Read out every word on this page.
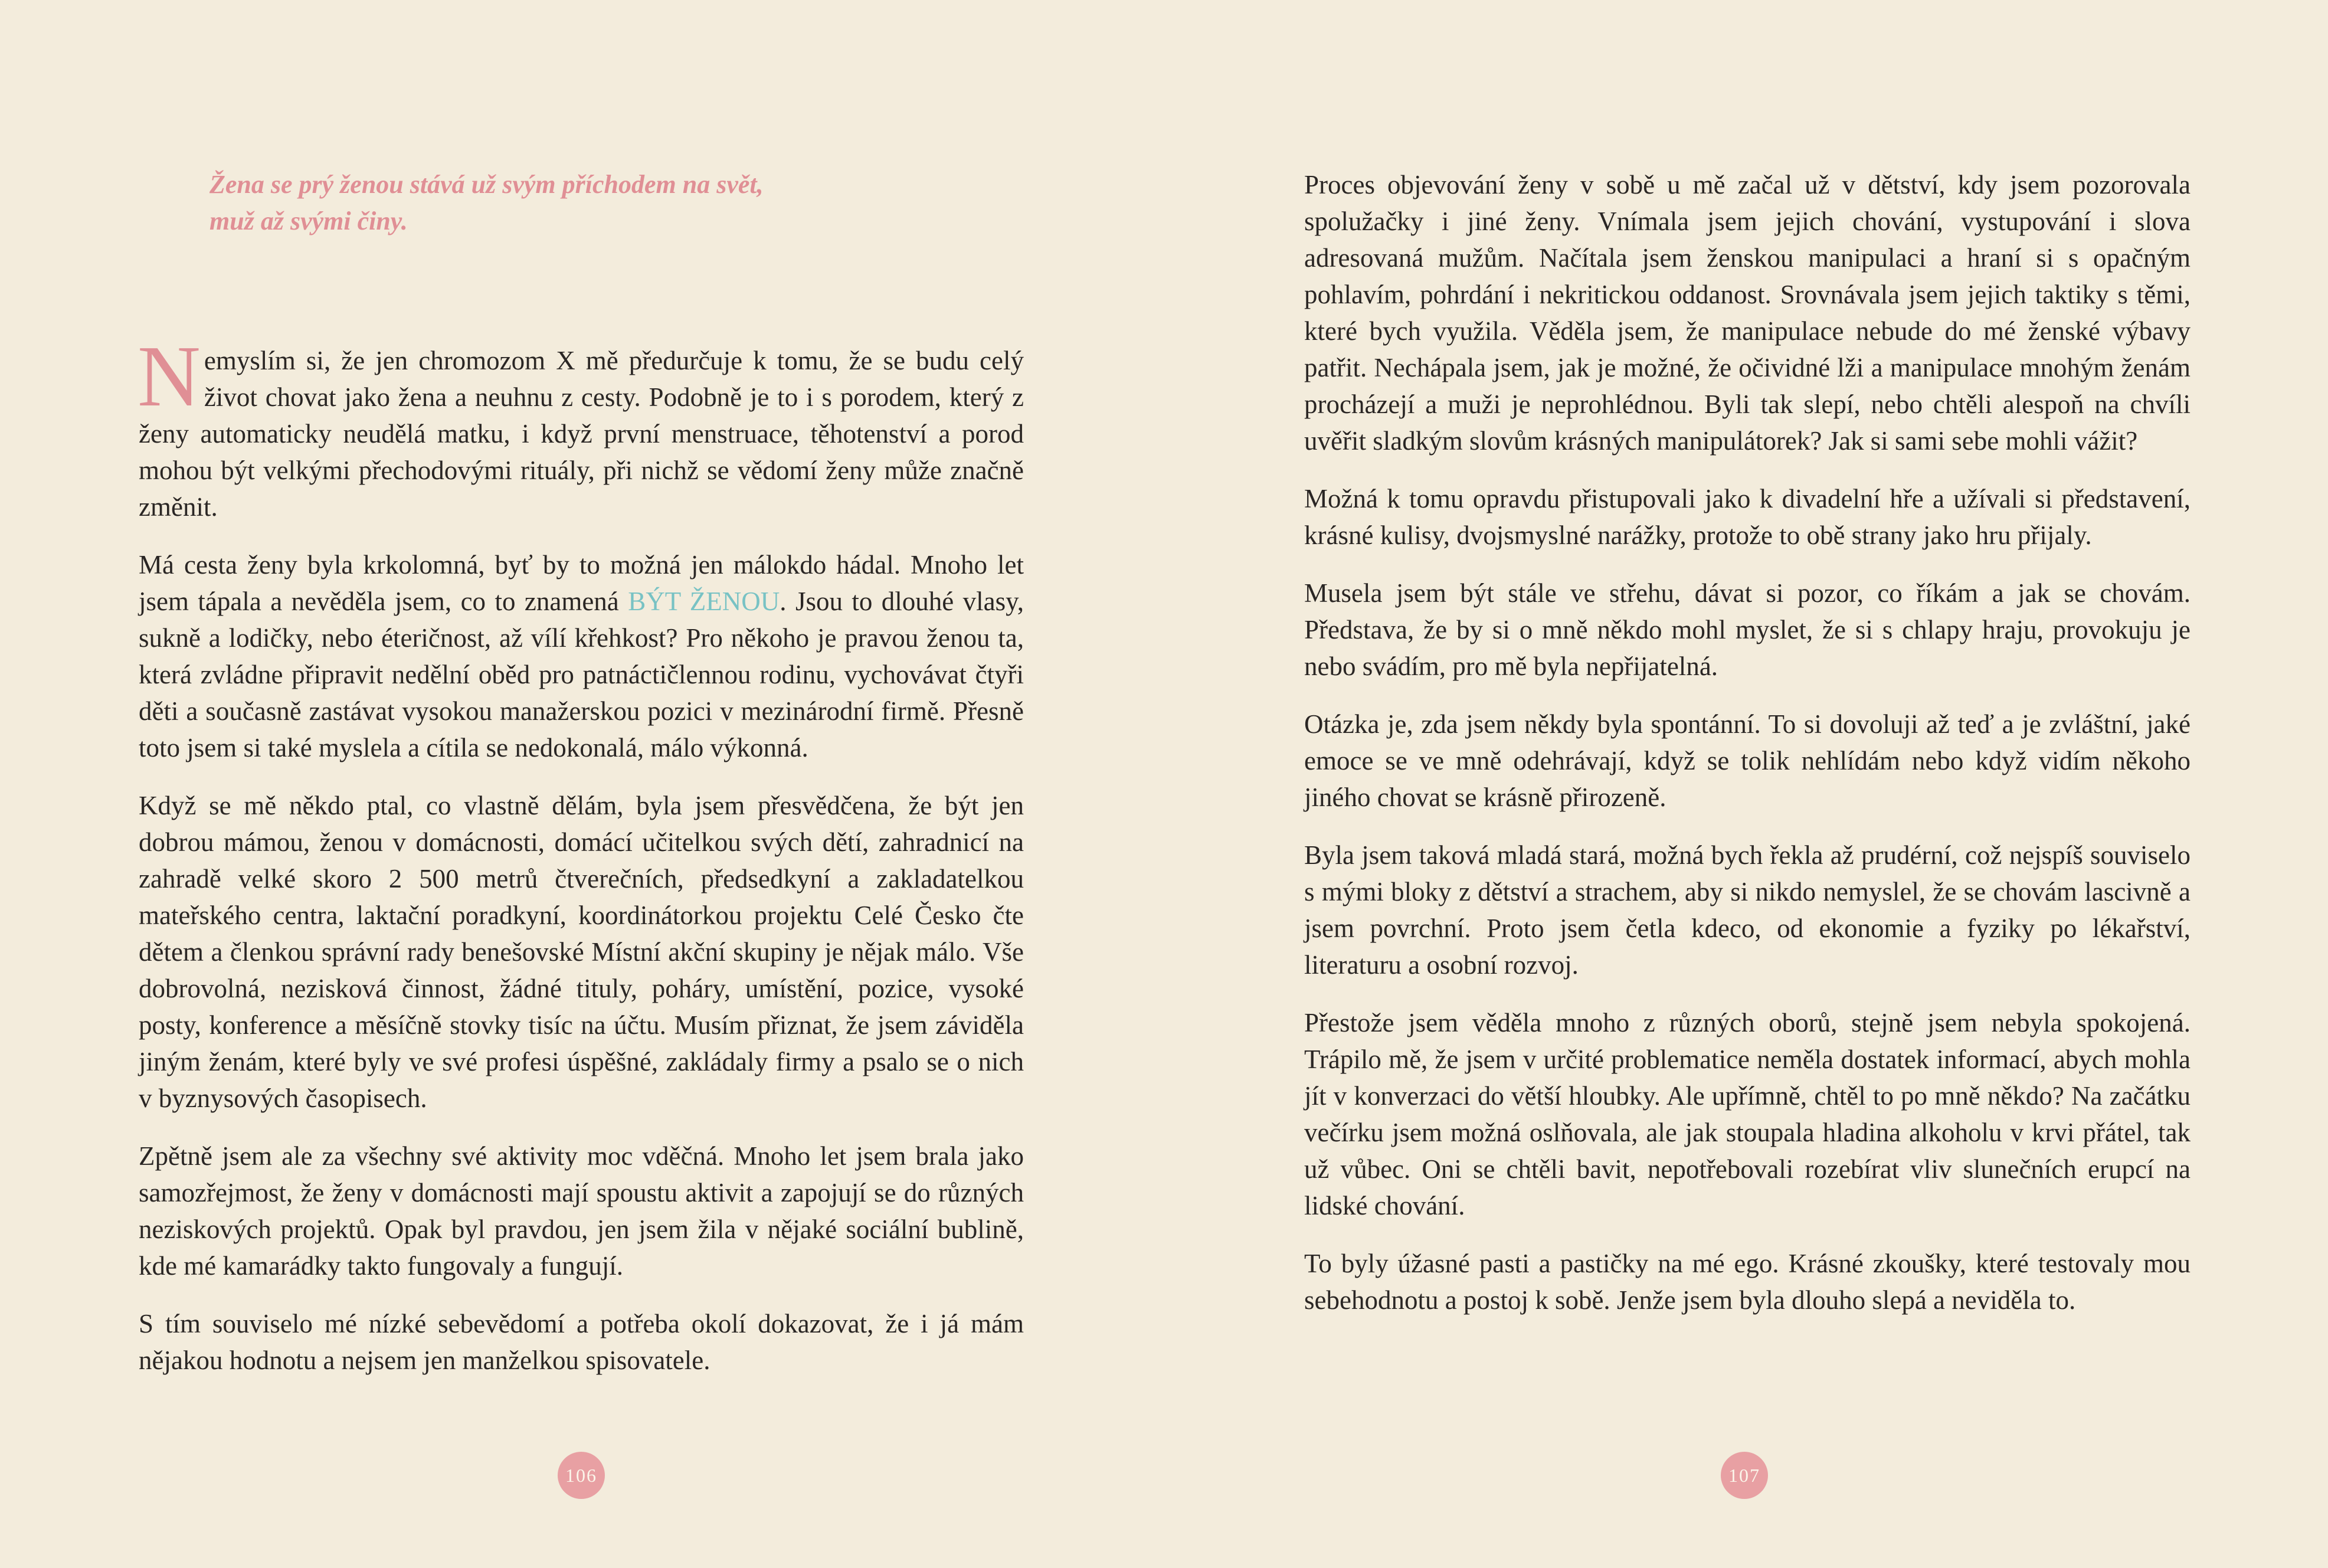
Žena se prý ženou stává už svým příchodem na svět,
muž až svými činy.

Nemyslím si, že jen chromozom X mě předurčuje k tomu, že se budu celý život chovat jako žena a neuhnu z cesty. Podobně je to i s porodem, který z ženy automaticky neudělá matku, i když první menstruace, těhotenství a porod mohou být velkými přechodovými rituály, při nichž se vědomí ženy může značně změnit.

Má cesta ženy byla krkolomná, byť by to možná jen málokdo hádal. Mnoho let jsem tápala a nevěděla jsem, co to znamená BÝT ŽENOU. Jsou to dlouhé vlasy, sukně a lodičky, nebo éteričnost, až vílí křehkost? Pro někoho je pravou ženou ta, která zvládne připravit nedělní oběd pro patnáctičlennou rodinu, vychovávat čtyři děti a současně zastávat vysokou manažerskou pozici v mezinárodní firmě. Přesně toto jsem si také myslela a cítila se nedokonalá, málo výkonná.

Když se mě někdo ptal, co vlastně dělám, byla jsem přesvědčena, že být jen dobrou mámou, ženou v domácnosti, domácí učitelkou svých dětí, zahradnicí na zahradě velké skoro 2 500 metrů čtverečních, předsedkyní a zakladatelkou mateřského centra, laktační poradkyní, koordinátorkou projektu Celé Česko čte dětem a členkou správní rady benešovské Místní akční skupiny je nějak málo. Vše dobrovolná, nezisková činnost, žádné tituly, poháry, umístění, pozice, vysoké posty, konference a měsíčně stovky tisíc na účtu. Musím přiznat, že jsem záviděla jiným ženám, které byly ve své profesi úspěšné, zakládaly firmy a psalo se o nich v byznysových časopisech.

Zpětně jsem ale za všechny své aktivity moc vděčná. Mnoho let jsem brala jako samozřejmost, že ženy v domácnosti mají spoustu aktivit a zapojují se do různých neziskových projektů. Opak byl pravdou, jen jsem žila v nějaké sociální bublině, kde mé kamarádky takto fungovaly a fungují.

S tím souviselo mé nízké sebevědomí a potřeba okolí dokazovat, že i já mám nějakou hodnotu a nejsem jen manželkou spisovatele.

106

Proces objevování ženy v sobě u mě začal už v dětství, kdy jsem pozorovala spolužačky i jiné ženy. Vnímala jsem jejich chování, vystupování i slova adresovaná mužům. Načítala jsem ženskou manipulaci a hraní si s opačným pohlavím, pohrdání i nekritickou oddanost. Srovnávala jsem jejich taktiky s těmi, které bych využila. Věděla jsem, že manipulace nebude do mé ženské výbavy patřit. Nechápala jsem, jak je možné, že očividné lži a manipulace mnohým ženám procházejí a muži je neprohlédnou. Byli tak slepí, nebo chtěli alespoň na chvíli uvěřit sladkým slovům krásných manipulátorek? Jak si sami sebe mohli vážit?

Možná k tomu opravdu přistupovali jako k divadelní hře a užívali si představení, krásné kulisy, dvojsmyslné narážky, protože to obě strany jako hru přijaly.

Musela jsem být stále ve střehu, dávat si pozor, co říkám a jak se chovám. Představa, že by si o mně někdo mohl myslet, že si s chlapy hraju, provokuju je nebo svádím, pro mě byla nepřijatelná.

Otázka je, zda jsem někdy byla spontánní. To si dovoluji až teď a je zvláštní, jaké emoce se ve mně odehrávají, když se tolik nehlídám nebo když vidím někoho jiného chovat se krásně přirozeně.

Byla jsem taková mladá stará, možná bych řekla až prudérní, což nejspíš souviselo s mými bloky z dětství a strachem, aby si nikdo nemyslel, že se chovám lascivně a jsem povrchní. Proto jsem četla kdeco, od ekonomie a fyziky po lékařství, literaturu a osobní rozvoj.

Přestože jsem věděla mnoho z různých oborů, stejně jsem nebyla spokojená. Trápilo mě, že jsem v určité problematice neměla dostatek informací, abych mohla jít v konverzaci do větší hloubky. Ale upřímně, chtěl to po mně někdo? Na začátku večírku jsem možná oslňovala, ale jak stoupala hladina alkoholu v krvi přátel, tak už vůbec. Oni se chtěli bavit, nepotřebovali rozebírat vliv slunečních erupcí na lidské chování.

To byly úžasné pasti a pastičky na mé ego. Krásné zkoušky, které testovaly mou sebehodnotu a postoj k sobě. Jenže jsem byla dlouho slepá a neviděla to.

107
